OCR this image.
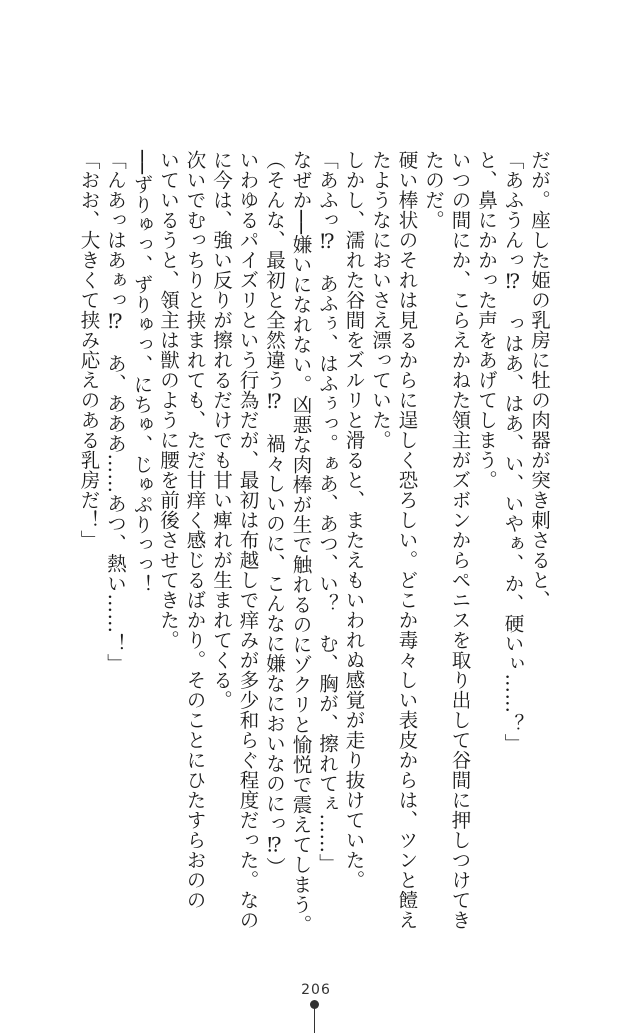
だが。座した姫の乳房に牡の肉器が突き刺さると、
「あふうんっ⁉　っはあ、はあ、い、いやぁ、か、硬いぃ……？」
と、鼻にかかった声をあげてしまう。
いつの間にか、こらえかねた領主がズボンからペニスを取り出して谷間に押しつけてき
たのだ。
硬い棒状のそれは見るからに逞しく恐ろしい。どこか毒々しい表皮からは、ツンと饐え
たようなにおいさえ漂っていた。
しかし、濡れた谷間をズルリと滑ると、またえもいわれぬ感覚が走り抜けていた。
「あふっ⁉　あふぅ、はふぅっ。ぁあ、あつ、い？　む、胸が、擦れてぇ……」
なぜか──嫌いになれない。凶悪な肉棒が生で触れるのにゾクリと愉悦で震えてしまう。
（そんな、最初と全然違う⁉　禍々しいのに、こんなに嫌なにおいなのにっ⁉）
いわゆるパイズリという行為だが、最初は布越しで痒みが多少和らぐ程度だった。なの
に今は、強い反りが擦れるだけでも甘い痺れが生まれてくる。
次いでむっちりと挟まれても、ただ甘痒く感じるばかり。そのことにひたすらおのの
いているうと、領主は獣のように腰を前後させてきた。
──ずりゅっ、ずりゅっ、にちゅ、じゅぷりっっ！
「んあっはあぁっ⁉　あ、あああ……あつ、熱い……！」
「おお、大きくて挟み応えのある乳房だ！」
206
